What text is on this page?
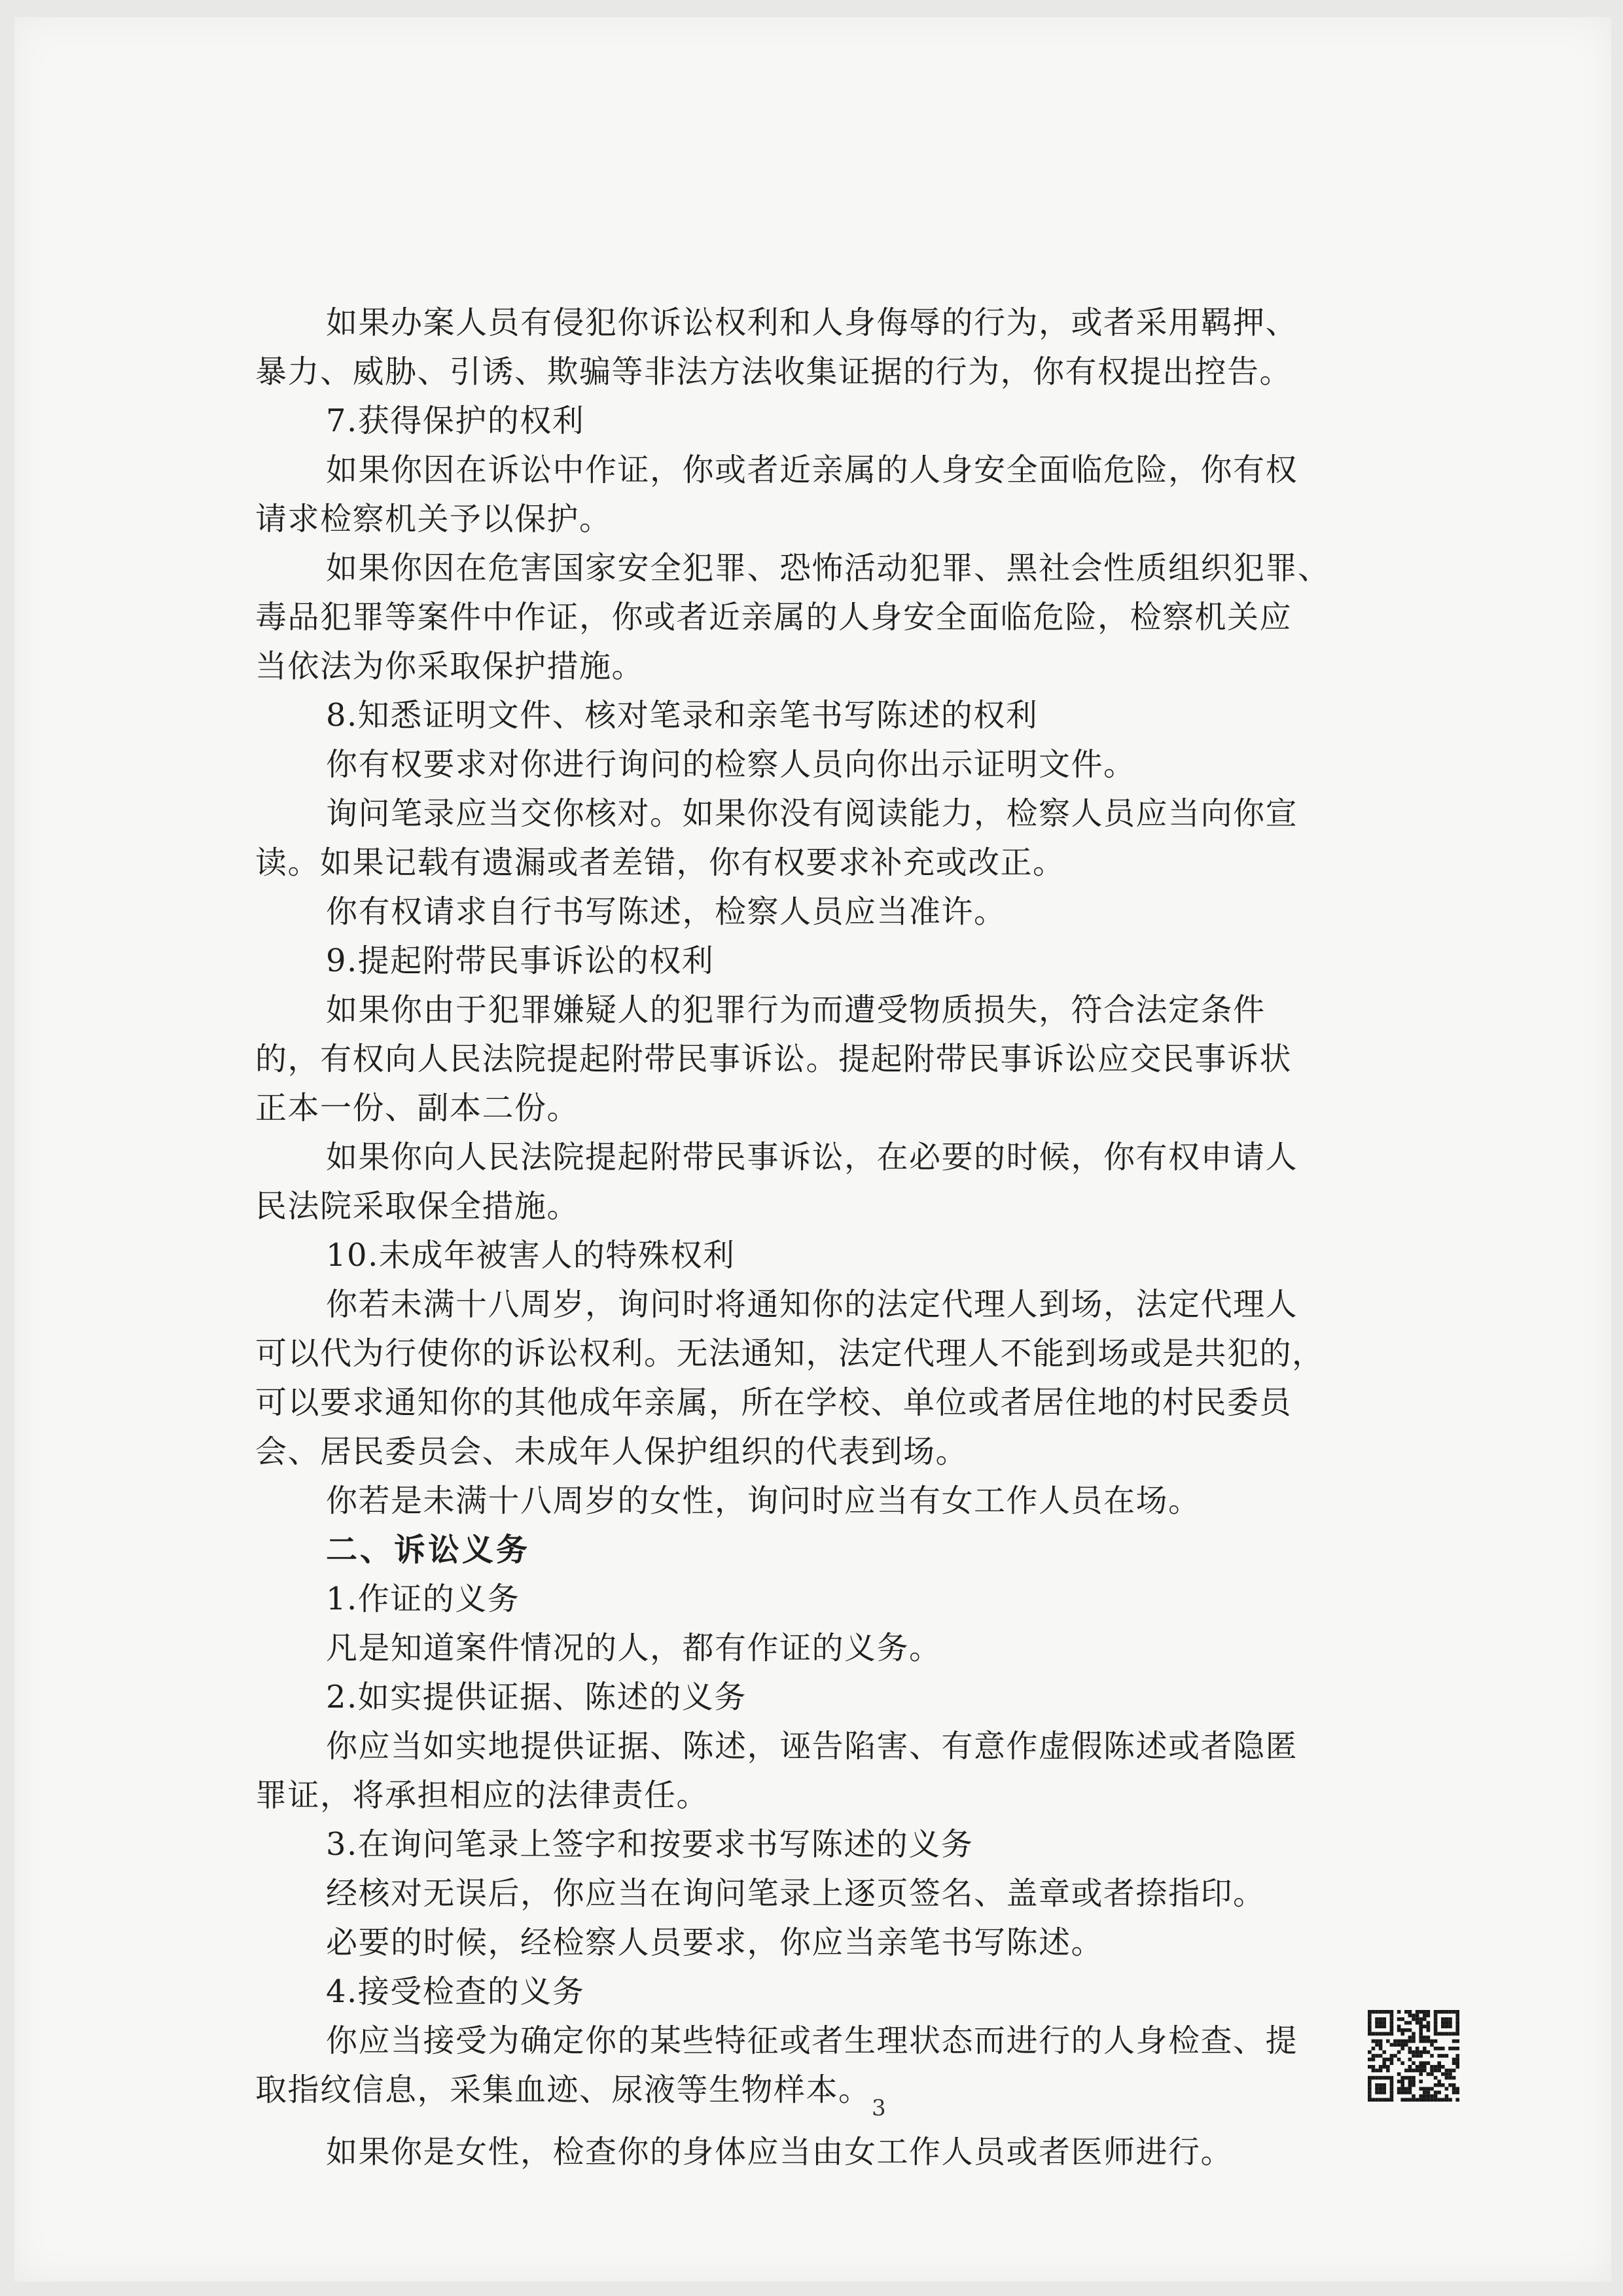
如果办案人员有侵犯你诉讼权利和人身侮辱的行为，或者采用羁押、
暴力、威胁、引诱、欺骗等非法方法收集证据的行为，你有权提出控告。
7.获得保护的权利
如果你因在诉讼中作证，你或者近亲属的人身安全面临危险，你有权
请求检察机关予以保护。
如果你因在危害国家安全犯罪、恐怖活动犯罪、黑社会性质组织犯罪、
毒品犯罪等案件中作证，你或者近亲属的人身安全面临危险，检察机关应
当依法为你采取保护措施。
8.知悉证明文件、核对笔录和亲笔书写陈述的权利
你有权要求对你进行询问的检察人员向你出示证明文件。
询问笔录应当交你核对。如果你没有阅读能力，检察人员应当向你宣
读。如果记载有遗漏或者差错，你有权要求补充或改正。
你有权请求自行书写陈述，检察人员应当准许。
9.提起附带民事诉讼的权利
如果你由于犯罪嫌疑人的犯罪行为而遭受物质损失，符合法定条件
的，有权向人民法院提起附带民事诉讼。提起附带民事诉讼应交民事诉状
正本一份、副本二份。
如果你向人民法院提起附带民事诉讼，在必要的时候，你有权申请人
民法院采取保全措施。
10.未成年被害人的特殊权利
你若未满十八周岁，询问时将通知你的法定代理人到场，法定代理人
可以代为行使你的诉讼权利。无法通知，法定代理人不能到场或是共犯的，
可以要求通知你的其他成年亲属，所在学校、单位或者居住地的村民委员
会、居民委员会、未成年人保护组织的代表到场。
你若是未满十八周岁的女性，询问时应当有女工作人员在场。
二、诉讼义务
1.作证的义务
凡是知道案件情况的人，都有作证的义务。
2.如实提供证据、陈述的义务
你应当如实地提供证据、陈述，诬告陷害、有意作虚假陈述或者隐匿
罪证，将承担相应的法律责任。
3.在询问笔录上签字和按要求书写陈述的义务
经核对无误后，你应当在询问笔录上逐页签名、盖章或者捺指印。
必要的时候，经检察人员要求，你应当亲笔书写陈述。
4.接受检查的义务
你应当接受为确定你的某些特征或者生理状态而进行的人身检查、提
取指纹信息，采集血迹、尿液等生物样本。
如果你是女性，检查你的身体应当由女工作人员或者医师进行。
3
